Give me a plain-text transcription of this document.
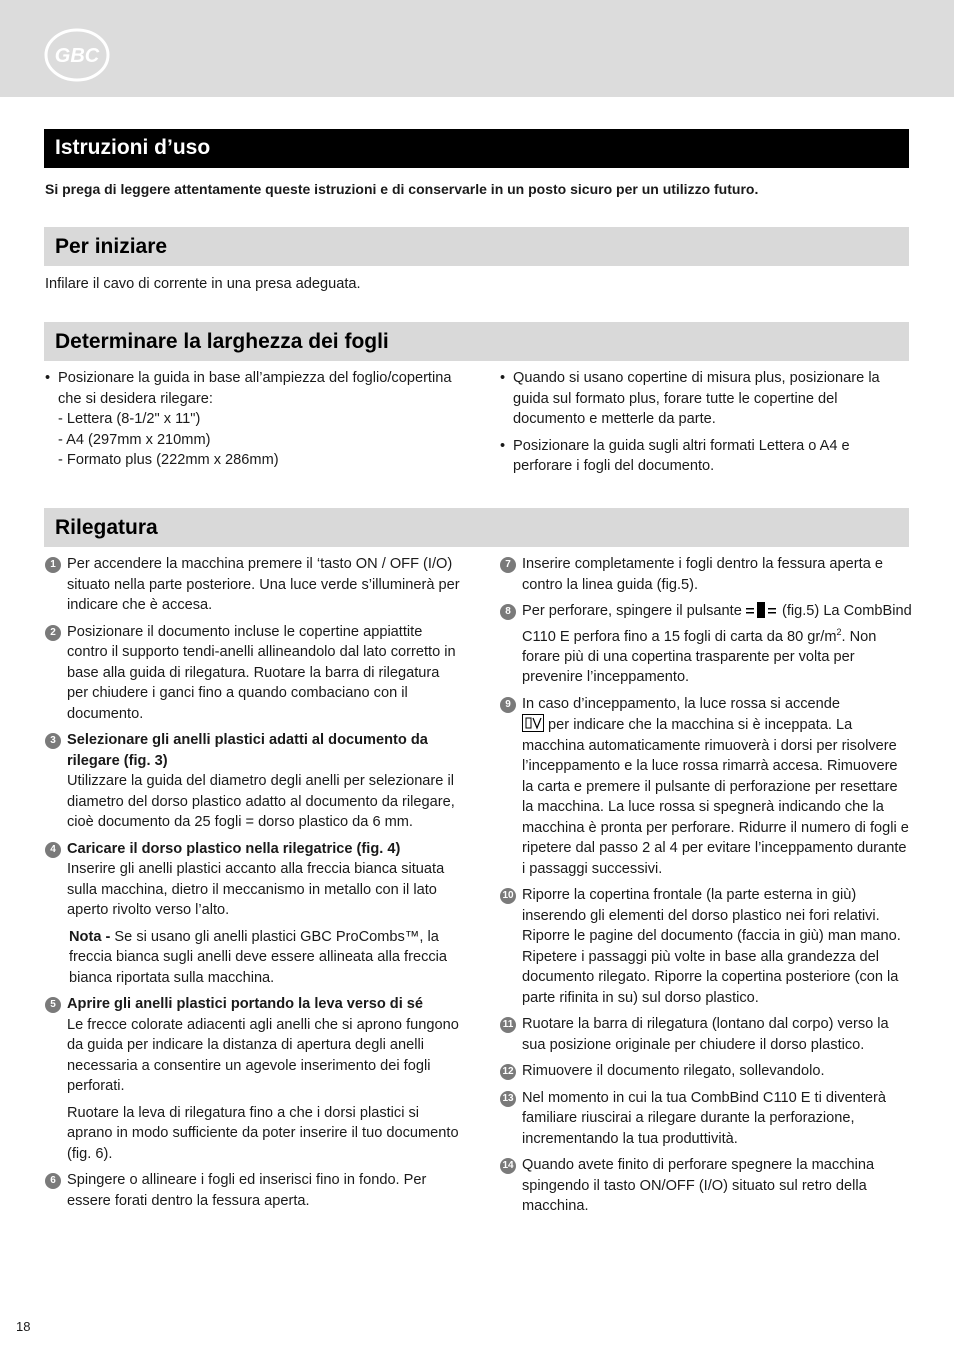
GBC
Istruzioni d’uso
Si prega di leggere attentamente queste istruzioni e di conservarle in un posto sicuro per un utilizzo futuro.
Per iniziare
Infilare il cavo di corrente in una presa adeguata.
Determinare la larghezza dei fogli
• Posizionare la guida in base all’ampiezza del foglio/copertina che si desidera rilegare:
- Lettera (8-1/2" x 11")
- A4 (297mm x 210mm)
- Formato plus (222mm x 286mm)
• Quando si usano copertine di misura plus, posizionare la guida sul formato plus, forare tutte le copertine del documento e metterle da parte.
• Posizionare la guida sugli altri formati Lettera o A4 e perforare i fogli del documento.
Rilegatura
1 Per accendere la macchina premere il ‘tasto ON / OFF (I/O) situato nella parte posteriore. Una luce verde s’illuminerà per indicare che è accesa.
2 Posizionare il documento incluse le copertine appiattite contro il supporto tendi-anelli allineandolo dal lato corretto in base alla guida di rilegatura. Ruotare la barra di rilegatura per chiudere i ganci fino a quando combaciano con il documento.
3 Selezionare gli anelli plastici adatti al documento da rilegare (fig. 3)
Utilizzare la guida del diametro degli anelli per selezionare il diametro del dorso plastico adatto al documento da rilegare, cioè documento da 25 fogli = dorso plastico da 6 mm.
4 Caricare il dorso plastico nella rilegatrice (fig. 4)
Inserire gli anelli plastici accanto alla freccia bianca situata sulla macchina, dietro il meccanismo in metallo con il lato aperto rivolto verso l’alto.
Nota - Se si usano gli anelli plastici GBC ProCombs™, la freccia bianca sugli anelli deve essere allineata alla freccia bianca riportata sulla macchina.
5 Aprire gli anelli plastici portando la leva verso di sé
Le frecce colorate adiacenti agli anelli che si aprono fungono da guida per indicare la distanza di apertura degli anelli necessaria a consentire un agevole inserimento dei fogli perforati.
Ruotare la leva di rilegatura fino a che i dorsi plastici si aprano in modo sufficiente da poter inserire il tuo documento (fig. 6).
6 Spingere o allineare i fogli ed inserisci fino in fondo. Per essere forati dentro la fessura aperta.
7 Inserire completamente i fogli dentro la fessura aperta e contro la linea guida (fig.5).
8 Per perforare, spingere il pulsante  (fig.5) La CombBind C110 E perfora fino a 15 fogli di carta da 80 $gr/m^2$. Non forare più di una copertina trasparente per volta per prevenire l’inceppamento.
9 In caso d’inceppamento, la luce rossa si accende
per indicare che la macchina si è inceppata. La macchina automaticamente rimuoverà i dorsi per risolvere l’inceppamento e la luce rossa rimarrà accesa. Rimuovere la carta e premere il pulsante di perforazione per resettare la macchina. La luce rossa si spegnerà indicando che la macchina è pronta per perforare. Ridurre il numero di fogli e ripetere dal passo 2 al 4 per evitare l’inceppamento durante i passaggi successivi.
10 Riporre la copertina frontale (la parte esterna in giù) inserendo gli elementi del dorso plastico nei fori relativi. Riporre le pagine del documento (faccia in giù) man mano. Ripetere i passaggi più volte in base alla grandezza del documento rilegato. Riporre la copertina posteriore (con la parte rifinita in su) sul dorso plastico.
11 Ruotare la barra di rilegatura (lontano dal corpo) verso la sua posizione originale per chiudere il dorso plastico.
12 Rimuovere il documento rilegato, sollevandolo.
13 Nel momento in cui la tua CombBind C110 E ti diventerà familiare riuscirai a rilegare durante la perforazione, incrementando la tua produttività.
14 Quando avete finito di perforare spegnere la macchina spingendo il tasto ON/OFF (I/O) situato sul retro della macchina.
18
